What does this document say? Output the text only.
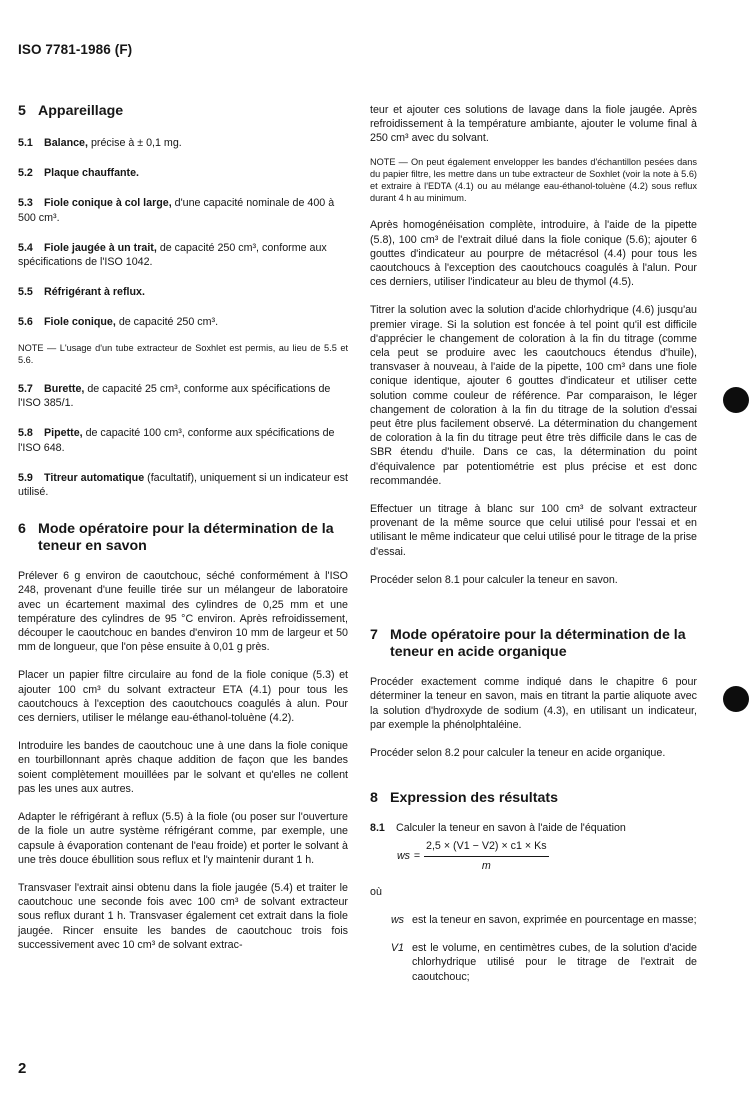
ISO 7781-1986 (F)
5 Appareillage

5.1 Balance, précise à ± 0,1 mg.

5.2 Plaque chauffante.

5.3 Fiole conique à col large, d'une capacité nominale de 400 à 500 cm³.

5.4 Fiole jaugée à un trait, de capacité 250 cm³, conforme aux spécifications de l'ISO 1042.

5.5 Réfrigérant à reflux.

5.6 Fiole conique, de capacité 250 cm³.

NOTE — L'usage d'un tube extracteur de Soxhlet est permis, au lieu de 5.5 et 5.6.

5.7 Burette, de capacité 25 cm³, conforme aux spécifications de l'ISO 385/1.

5.8 Pipette, de capacité 100 cm³, conforme aux spécifications de l'ISO 648.

5.9 Titreur automatique (facultatif), uniquement si un indicateur est utilisé.

6 Mode opératoire pour la détermination de la teneur en savon

Prélever 6 g environ de caoutchouc, séché conformément à l'ISO 248, provenant d'une feuille tirée sur un mélangeur de laboratoire avec un écartement maximal des cylindres de 0,25 mm et une température des cylindres de 95 °C environ. Après refroidissement, découper le caoutchouc en bandes d'environ 10 mm de largeur et 50 mm de longueur, que l'on pèse ensuite à 0,01 g près.

Placer un papier filtre circulaire au fond de la fiole conique (5.3) et ajouter 100 cm³ du solvant extracteur ETA (4.1) pour tous les caoutchoucs à l'exception des caoutchoucs coagulés à alun. Pour ces derniers, utiliser le mélange eau-éthanol-toluène (4.2).

Introduire les bandes de caoutchouc une à une dans la fiole conique en tourbillonnant après chaque addition de façon que les bandes soient complètement mouillées par le solvant et qu'elles ne collent pas les unes aux autres.

Adapter le réfrigérant à reflux (5.5) à la fiole (ou poser sur l'ouverture de la fiole un autre système réfrigérant comme, par exemple, une capsule à évaporation contenant de l'eau froide) et porter le solvant à une très douce ébullition sous reflux et l'y maintenir durant 1 h.

Transvaser l'extrait ainsi obtenu dans la fiole jaugée (5.4) et traiter le caoutchouc une seconde fois avec 100 cm³ de solvant extracteur sous reflux durant 1 h. Transvaser également cet extrait dans la fiole jaugée. Rincer ensuite les bandes de caoutchouc trois fois successivement avec 10 cm³ de solvant extrac-

teur et ajouter ces solutions de lavage dans la fiole jaugée. Après refroidissement à la température ambiante, ajouter le volume final à 250 cm³ avec du solvant.

NOTE — On peut également envelopper les bandes d'échantillon pesées dans du papier filtre, les mettre dans un tube extracteur de Soxhlet (voir la note à 5.6) et extraire à l'EDTA (4.1) ou au mélange eau-éthanol-toluène (4.2) sous reflux durant 4 h au minimum.

Après homogénéisation complète, introduire, à l'aide de la pipette (5.8), 100 cm³ de l'extrait dilué dans la fiole conique (5.6); ajouter 6 gouttes d'indicateur au pourpre de métacrésol (4.4) pour tous les caoutchoucs à l'exception des caoutchoucs coagulés à l'alun. Pour ces derniers, utiliser l'indicateur au bleu de thymol (4.5).

Titrer la solution avec la solution d'acide chlorhydrique (4.6) jusqu'au premier virage. Si la solution est foncée à tel point qu'il est difficile d'apprécier le changement de coloration à la fin du titrage (comme cela peut se produire avec les caoutchoucs étendus d'huile), transvaser à nouveau, à l'aide de la pipette, 100 cm³ dans une fiole conique identique, ajouter 6 gouttes d'indicateur et utiliser cette solution comme couleur de référence. Par comparaison, le léger changement de coloration à la fin du titrage de la solution d'essai peut être plus facilement observé. La détermination du changement de coloration à la fin du titrage peut être très difficile dans le cas de SBR étendu d'huile. Dans ce cas, la détermination du point d'équivalence par potentiométrie est plus précise et est donc recommandée.

Effectuer un titrage à blanc sur 100 cm³ de solvant extracteur provenant de la même source que celui utilisé pour l'essai et en utilisant le même indicateur que celui utilisé pour le titrage de la prise d'essai.

Procéder selon 8.1 pour calculer la teneur en savon.

7 Mode opératoire pour la détermination de la teneur en acide organique

Procéder exactement comme indiqué dans le chapitre 6 pour déterminer la teneur en savon, mais en titrant la partie aliquote avec la solution d'hydroxyde de sodium (4.3), en utilisant un indicateur, par exemple la phénolphtaléine.

Procéder selon 8.2 pour calculer la teneur en acide organique.

8 Expression des résultats

8.1 Calculer la teneur en savon à l'aide de l'équation

ws = $\frac{2,5 \times (V1 - V2) \times c1 \times Ks}{m}$

où

ws est la teneur en savon, exprimée en pourcentage en masse;
V1 est le volume, en centimètres cubes, de la solution d'acide chlorhydrique utilisé pour le titrage de l'extrait de caoutchouc;
2
